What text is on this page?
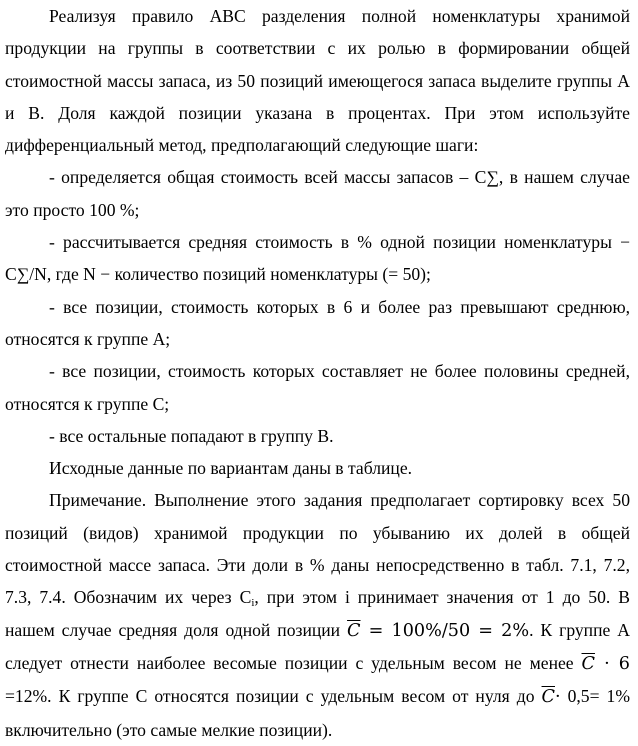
Реализуя правило АВС разделения полной номенклатуры хранимой продукции на группы в соответствии с их ролью в формировании общей стоимостной массы запаса, из 50 позиций имеющегося запаса выделите группы А и В. Доля каждой позиции указана в процентах. При этом используйте дифференциальный метод, предполагающий следующие шаги:

- определяется общая стоимость всей массы запасов – С∑, в нашем случае это просто 100 %;

- рассчитывается средняя стоимость в % одной позиции номенклатуры − С∑/N, где N − количество позиций номенклатуры (= 50);

- все позиции, стоимость которых в 6 и более раз превышают среднюю, относятся к группе А;

- все позиции, стоимость которых составляет не более половины средней, относятся к группе С;

- все остальные попадают в группу В.

Исходные данные по вариантам даны в таблице.

Примечание. Выполнение этого задания предполагает сортировку всех 50 позиций (видов) хранимой продукции по убыванию их долей в общей стоимостной массе запаса. Эти доли в % даны непосредственно в табл. 7.1, 7.2, 7.3, 7.4. Обозначим их через $С_i$, при этом i принимает значения от 1 до 50. В нашем случае средняя доля одной позиции $\overline{C} = 100\%/50 = 2\%$. К группе А следует отнести наиболее весомые позиции с удельным весом не менее $\overline{C} \cdot 6 =12\%$. К группе С относятся позиции с удельным весом от нуля до $\overline{C}\cdot 0,5= 1\%$ включительно (это самые мелкие позиции).
